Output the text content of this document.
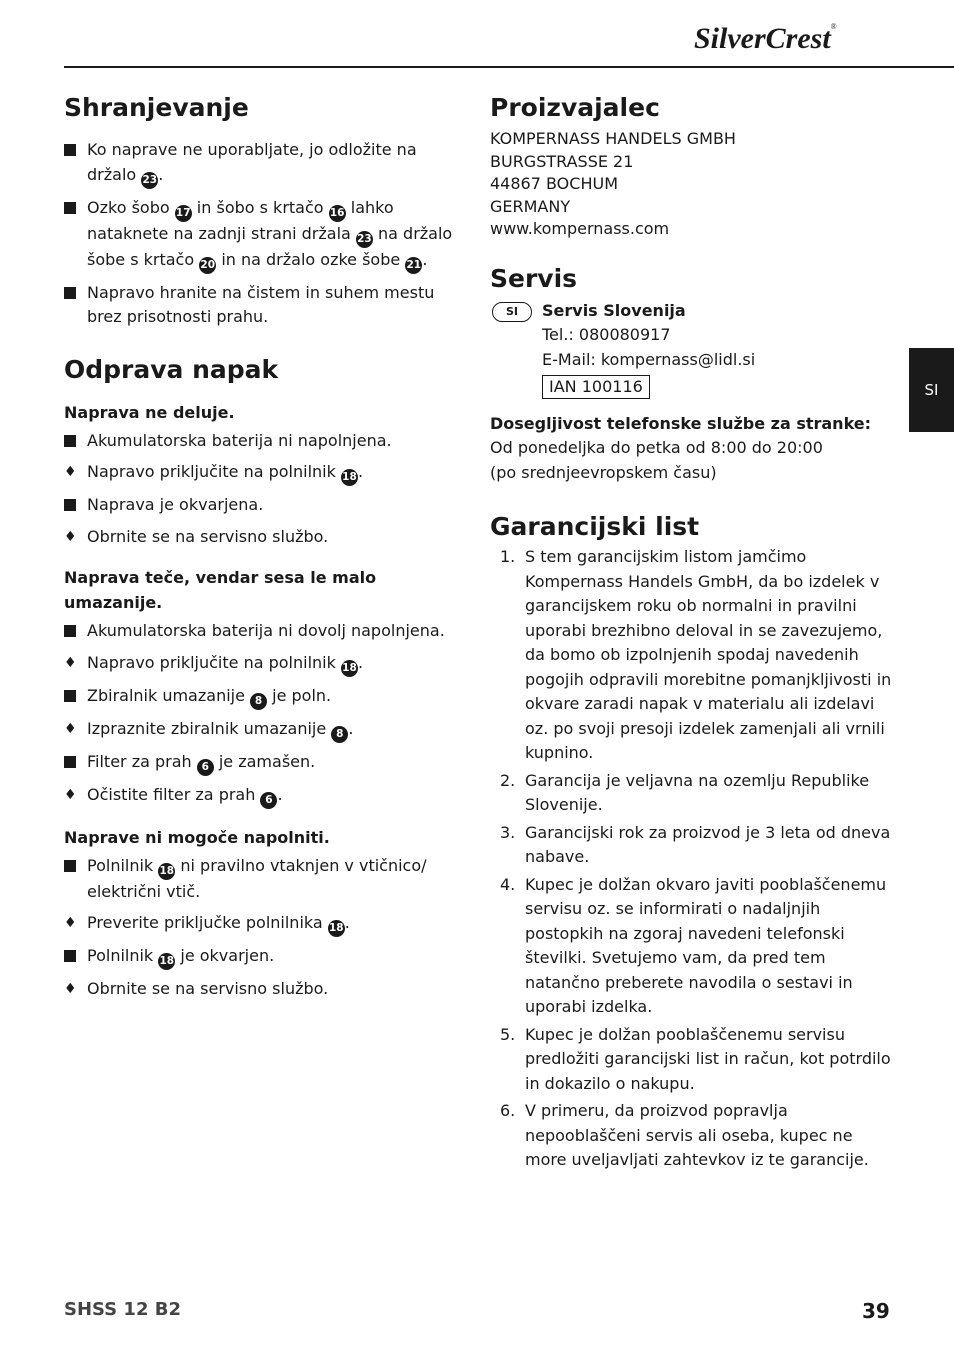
SilverCrest®
Shranjevanje
Ko naprave ne uporabljate, jo odložite na držalo 23.
Ozko šobo 17 in šobo s krtačo 16 lahko nataknete na zadnji strani držala 23 na držalo šobe s krtačo 20 in na držalo ozke šobe 21.
Napravo hranite na čistem in suhem mestu brez prisotnosti prahu.
Odprava napak
Naprava ne deluje.
Akumulatorska baterija ni napolnjena.
♦ Napravo priključite na polnilnik 18.
Naprava je okvarjena.
♦ Obrnite se na servisno službo.
Naprava teče, vendar sesa le malo umazanije.
Akumulatorska baterija ni dovolj napolnjena.
♦ Napravo priključite na polnilnik 18.
Zbiralnik umazanije 8 je poln.
♦ Izpraznite zbiralnik umazanije 8 .
Filter za prah 6 je zamašen.
♦ Očistite filter za prah 6 .
Naprave ni mogoče napolniti.
Polnilnik 18 ni pravilno vtaknjen v vtičnico/ električni vtič.
♦ Preverite priključke polnilnika 18.
Polnilnik 18 je okvarjen.
♦ Obrnite se na servisno službo.
Proizvajalec
KOMPERNASS HANDELS GMBH
BURGSTRASSE 21
44867 BOCHUM
GERMANY
www.kompernass.com
Servis
SI	Servis Slovenija
Tel.: 080080917
E-Mail: kompernass@lidl.si
IAN 100116
Dosegljivost telefonske službe za stranke:
Od ponedeljka do petka od 8:00 do 20:00
(po srednjeevropskem času)
Garancijski list
1. S tem garancijskim listom jamčimo Kompernass Handels GmbH, da bo izdelek v garancijskem roku ob normalni in pravilni uporabi brezhibno deloval in se zavezujemo, da bomo ob izpolnjenih spodaj navedenih pogojih odpravili morebitne pomanjkljivosti in okvare zaradi napak v materialu ali izdelavi oz. po svoji presoji izdelek zamenjali ali vrnili kupnino.
2. Garancija je veljavna na ozemlju Republike Slovenije.
3. Garancijski rok za proizvod je 3 leta od dneva nabave.
4. Kupec je dolžan okvaro javiti pooblaščenemu servisu oz. se informirati o nadaljnjih postopkih na zgoraj navedeni telefonski številki. Svetujemo vam, da pred tem natančno preberete navodila o sestavi in uporabi izdelka.
5. Kupec je dolžan pooblaščenemu servisu predložiti garancijski list in račun, kot potrdilo in dokazilo o nakupu.
6. V primeru, da proizvod popravlja nepooblaščeni servis ali oseba, kupec ne more uveljavljati zahtevkov iz te garancije.
SI
SHSS 12 B2	39
